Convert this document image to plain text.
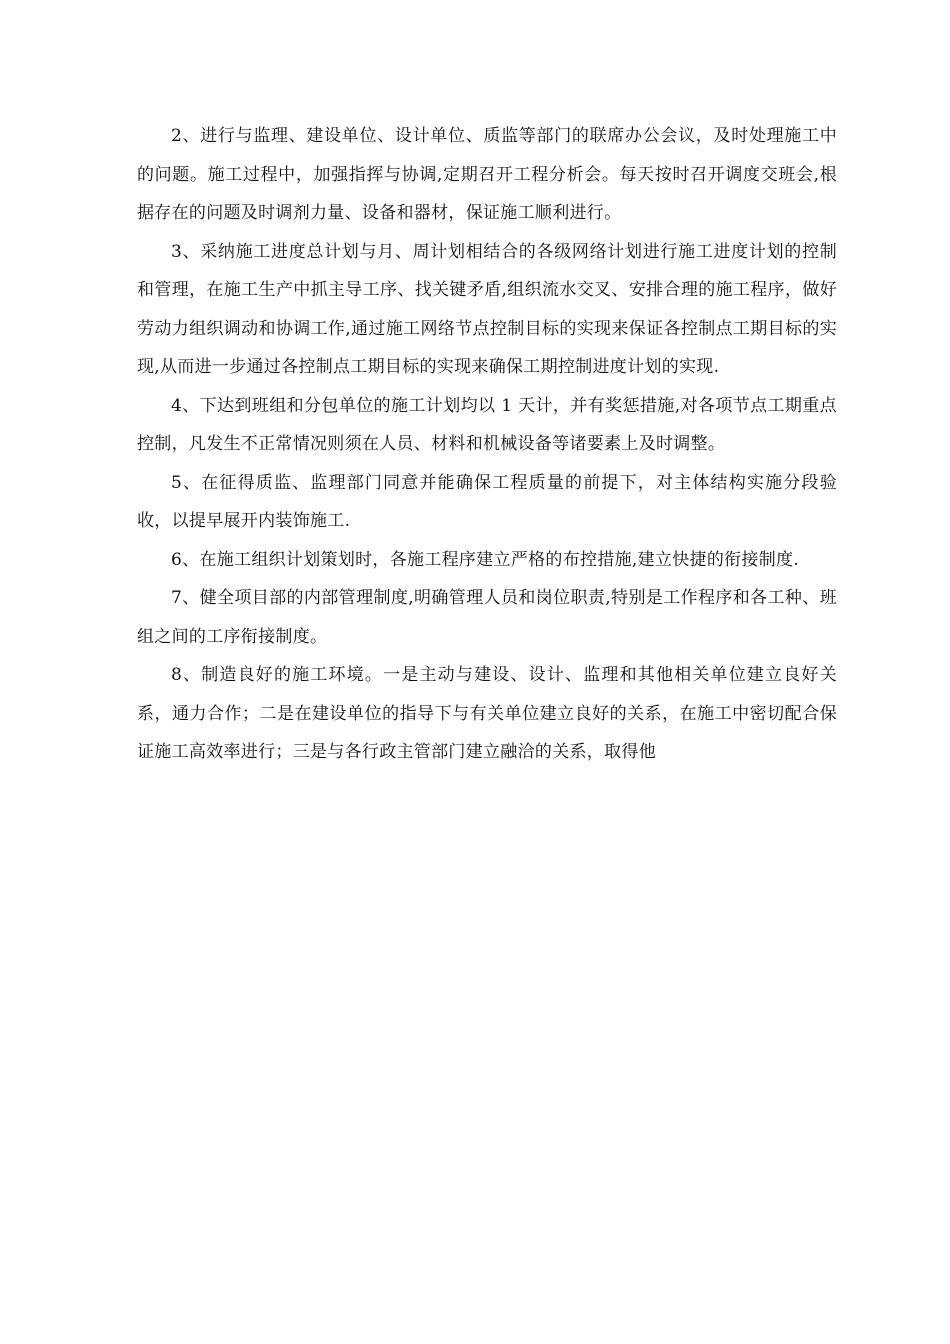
2、进行与监理、建设单位、设计单位、质监等部门的联席办公会议，及时处理施工中的问题。施工过程中，加强指挥与协调,定期召开工程分析会。每天按时召开调度交班会,根据存在的问题及时调剂力量、设备和器材，保证施工顺利进行。

3、采纳施工进度总计划与月、周计划相结合的各级网络计划进行施工进度计划的控制和管理，在施工生产中抓主导工序、找关键矛盾,组织流水交叉、安排合理的施工程序，做好劳动力组织调动和协调工作,通过施工网络节点控制目标的实现来保证各控制点工期目标的实现,从而进一步通过各控制点工期目标的实现来确保工期控制进度计划的实现.

4、下达到班组和分包单位的施工计划均以 1 天计，并有奖惩措施,对各项节点工期重点控制，凡发生不正常情况则须在人员、材料和机械设备等诸要素上及时调整。

5、在征得质监、监理部门同意并能确保工程质量的前提下，对主体结构实施分段验收，以提早展开内装饰施工.

6、在施工组织计划策划时，各施工程序建立严格的布控措施,建立快捷的衔接制度.

7、健全项目部的内部管理制度,明确管理人员和岗位职责,特别是工作程序和各工种、班组之间的工序衔接制度。

8、制造良好的施工环境。一是主动与建设、设计、监理和其他相关单位建立良好关系，通力合作；二是在建设单位的指导下与有关单位建立良好的关系，在施工中密切配合保证施工高效率进行；三是与各行政主管部门建立融洽的关系，取得他
